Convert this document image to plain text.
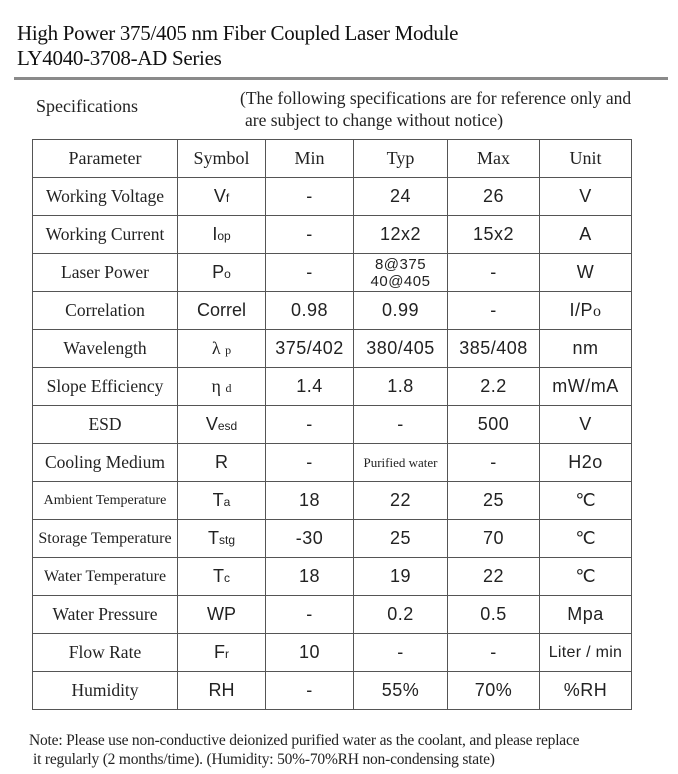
High Power 375/405 nm Fiber Coupled Laser Module
LY4040-3708-AD Series
Specifications	(The following specifications are for reference only and
are subject to change without notice)
Parameter	Symbol	Min	Typ	Max	Unit
Working Voltage	Vf	-	24	26	V
Working Current	Iop	-	12x2	15x2	A
Laser Power	Po	-	8@375
40@405	-	W
Correlation	Correl	0.98	0.99	-	I/Po
Wavelength	λ p	375/402	380/405	385/408	nm
Slope Efficiency	η d	1.4	1.8	2.2	mW/mA
ESD	Vesd	-	-	500	V
Cooling Medium	R	-	Purified water	-	H2o
Ambient Temperature	Ta	18	22	25	℃
Storage Temperature	Tstg	-30	25	70	℃
Water Temperature	Tc	18	19	22	℃
Water Pressure	WP	-	0.2	0.5	Mpa
Flow Rate	Fr	10	-	-	Liter / min
Humidity	RH	-	55%	70%	%RH
Note: Please use non-conductive deionized purified water as the coolant, and please replace
it regularly (2 months/time). (Humidity: 50%-70%RH non-condensing state)
